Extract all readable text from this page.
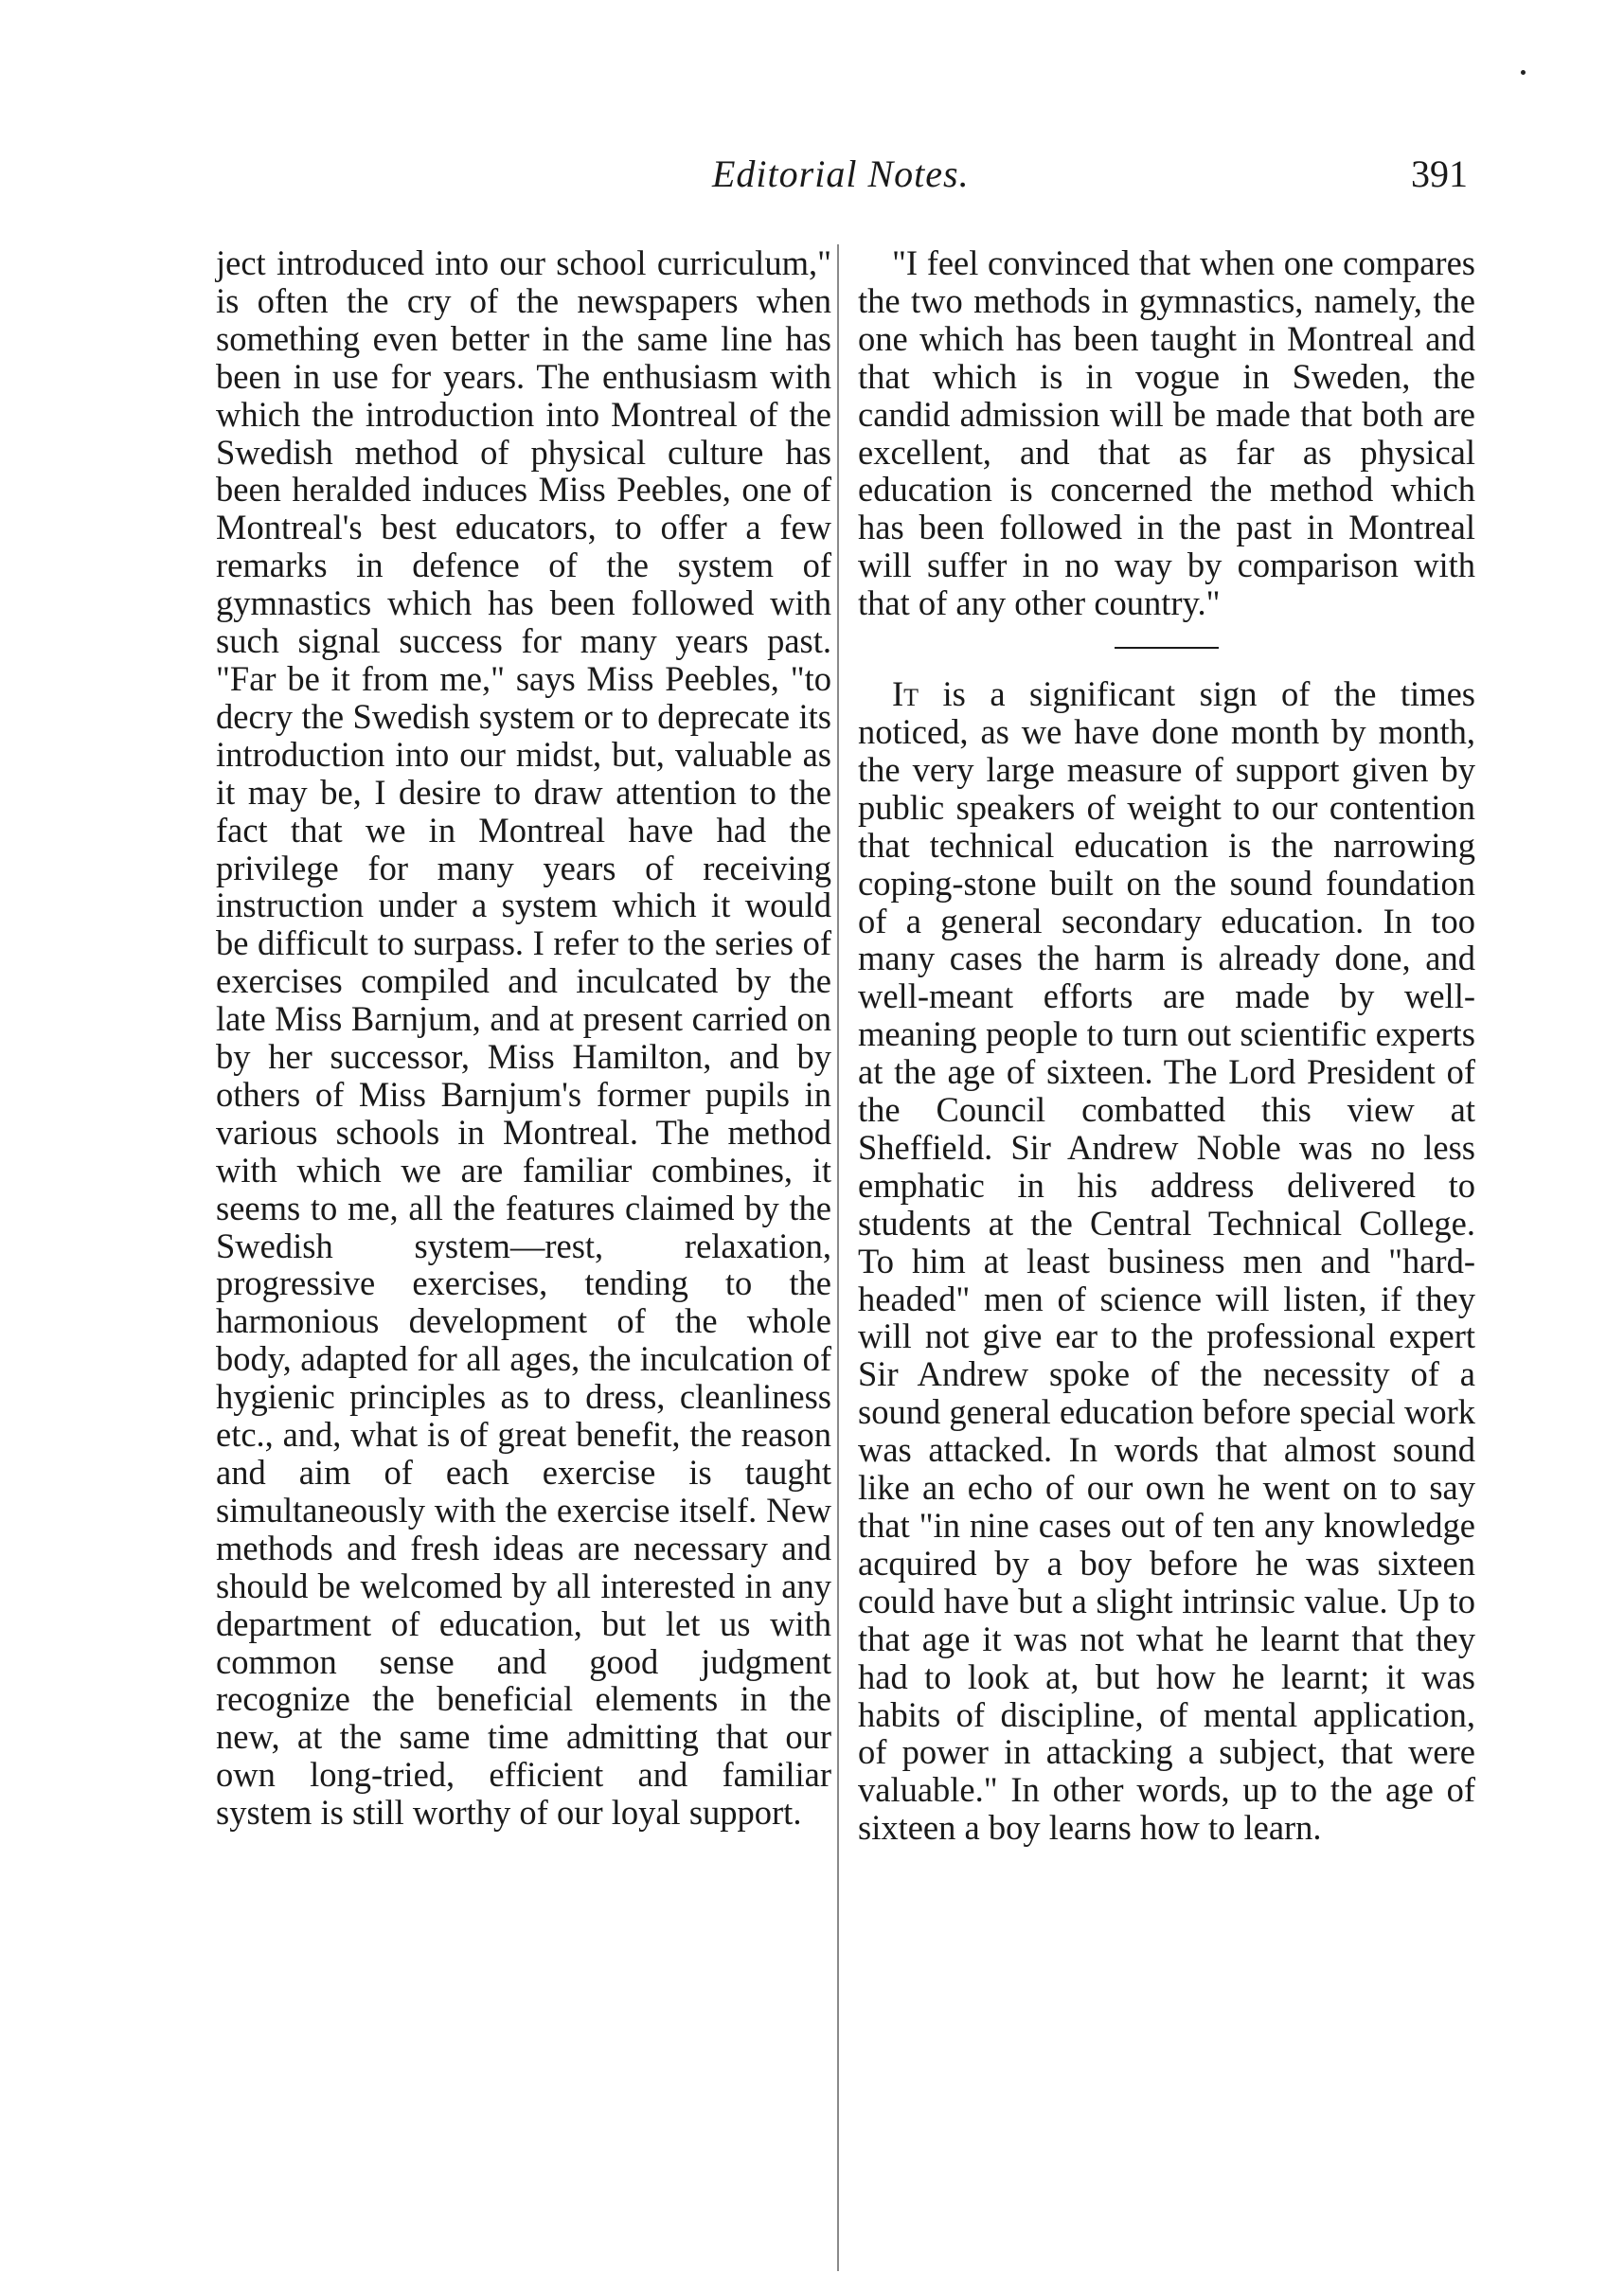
Editorial Notes.	391

ject introduced into our school curriculum," is often the cry of the newspapers when something even better in the same line has been in use for years. The enthusiasm with which the introduction into Montreal of the Swedish method of physical culture has been heralded induces Miss Peebles, one of Montreal's best educators, to offer a few remarks in defence of the system of gymnastics which has been followed with such signal success for many years past. "Far be it from me," says Miss Peebles, "to decry the Swedish system or to deprecate its introduction into our midst, but, valuable as it may be, I desire to draw attention to the fact that we in Montreal have had the privilege for many years of receiving instruction under a system which it would be difficult to surpass. I refer to the series of exercises compiled and inculcated by the late Miss Barnjum, and at present carried on by her successor, Miss Hamilton, and by others of Miss Barnjum's former pupils in various schools in Montreal. The method with which we are familiar combines, it seems to me, all the features claimed by the Swedish system—rest, relaxation, progressive exercises, tending to the harmonious development of the whole body, adapted for all ages, the inculcation of hygienic principles as to dress, cleanliness etc., and, what is of great benefit, the reason and aim of each exercise is taught simultaneously with the exercise itself. New methods and fresh ideas are necessary and should be welcomed by all interested in any department of education, but let us with common sense and good judgment recognize the beneficial elements in the new, at the same time admitting that our own long-tried, efficient and familiar system is still worthy of our loyal support.

"I feel convinced that when one compares the two methods in gymnastics, namely, the one which has been taught in Montreal and that which is in vogue in Sweden, the candid admission will be made that both are excellent, and that as far as physical education is concerned the method which has been followed in the past in Montreal will suffer in no way by comparison with that of any other country."

It is a significant sign of the times noticed, as we have done month by month, the very large measure of support given by public speakers of weight to our contention that technical education is the narrowing coping-stone built on the sound foundation of a general secondary education. In too many cases the harm is already done, and well-meant efforts are made by well-meaning people to turn out scientific experts at the age of sixteen. The Lord President of the Council combatted this view at Sheffield. Sir Andrew Noble was no less emphatic in his address delivered to students at the Central Technical College. To him at least business men and "hard-headed" men of science will listen, if they will not give ear to the professional expert Sir Andrew spoke of the necessity of a sound general education before special work was attacked. In words that almost sound like an echo of our own he went on to say that "in nine cases out of ten any knowledge acquired by a boy before he was sixteen could have but a slight intrinsic value. Up to that age it was not what he learnt that they had to look at, but how he learnt; it was habits of discipline, of mental application, of power in attacking a subject, that were valuable." In other words, up to the age of sixteen a boy learns how to learn.
